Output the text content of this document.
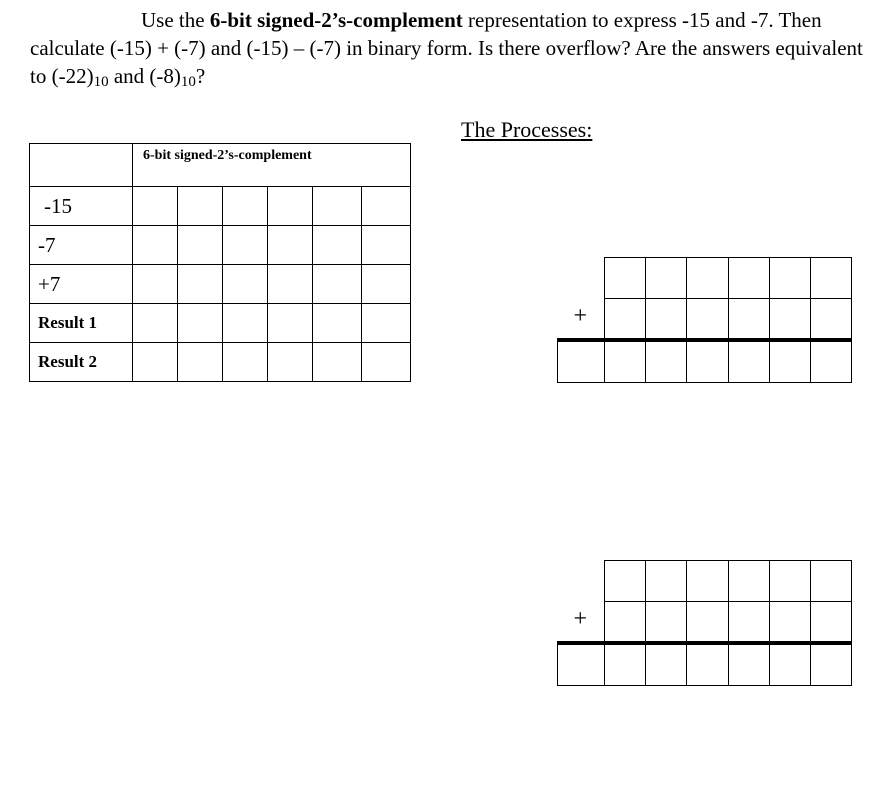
Use the 6-bit signed-2’s-complement representation to express -15 and -7. Then calculate (-15) + (-7) and (-15) – (-7) in binary form. Is there overflow? Are the answers equivalent to $(-22)_{10}$ and $(-8)_{10}$?
	6-bit signed-2’s-complement					
-15						
-7						
+7						
Result 1						
Result 2						
The Processes:
+
+
